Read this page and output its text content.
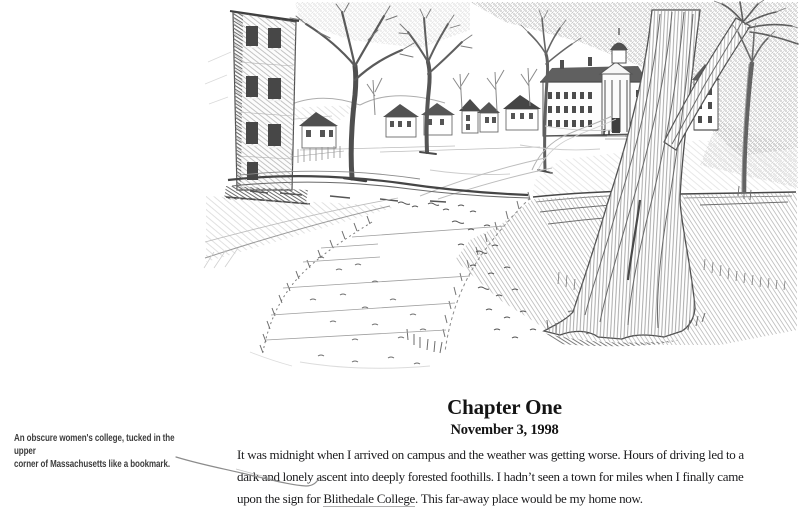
An obscure women's college, tucked in the upper
corner of Massachusetts like a bookmark.
Chapter One
November 3, 1998
It was midnight when I arrived on campus and the weather was getting worse. Hours of driving led to a
dark and lonely ascent into deeply forested foothills. I hadn’t seen a town for miles when I finally came
upon the sign for Blithedale College. This far-away place would be my home now.
